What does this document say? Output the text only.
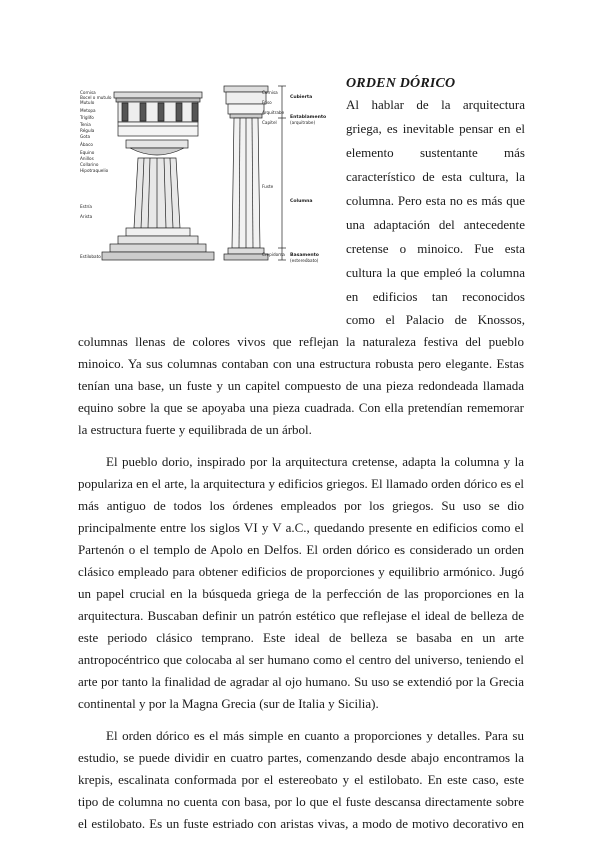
Cornisa
Bocel o mutulo
Mutulo
Metopa
Tríglifo
Tenia
Régula
Gota
Ábaco
Equino
Anillos
Collarino
Hipotraquelio
Estría
Arista
Estilobato
Cornisa
Friso
Arquitrabe
Capitel
Fuste
Crepidoma
Cubierta
Entablamento
(arquitrabe)
Columna
Basamento
(estereóbato)
ORDEN DÓRICO
Al hablar de la arquitectura
griega, es inevitable pensar en el
elemento sustentante más
característico de esta cultura, la
columna. Pero esta no es más que
una adaptación del antecedente
cretense o minoico. Fue esta
cultura la que empleó la columna
en edificios tan reconocidos
como el Palacio de Knossos,
columnas llenas de colores vivos que reflejan la naturaleza festiva del pueblo
minoico. Ya sus columnas contaban con una estructura robusta pero elegante. Estas
tenían una base, un fuste y un capitel compuesto de una pieza redondeada llamada
equino sobre la que se apoyaba una pieza cuadrada. Con ella pretendían rememorar
la estructura fuerte y equilibrada de un árbol.
El pueblo dorio, inspirado por la arquitectura cretense, adapta la columna y la
populariza en el arte, la arquitectura y edificios griegos. El llamado orden dórico es el
más antiguo de todos los órdenes empleados por los griegos. Su uso se dio
principalmente entre los siglos VI y V a.C., quedando presente en edificios como el
Partenón o el templo de Apolo en Delfos. El orden dórico es considerado un orden
clásico empleado para obtener edificios de proporciones y equilibrio armónico. Jugó
un papel crucial en la búsqueda griega de la perfección de las proporciones en la
arquitectura. Buscaban definir un patrón estético que reflejase el ideal de belleza de
este periodo clásico temprano. Este ideal de belleza se basaba en un arte
antropocéntrico que colocaba al ser humano como el centro del universo, teniendo el
arte por tanto la finalidad de agradar al ojo humano. Su uso se extendió por la Grecia
continental y por la Magna Grecia (sur de Italia y Sicilia).
El orden dórico es el más simple en cuanto a proporciones y detalles. Para su
estudio, se puede dividir en cuatro partes, comenzando desde abajo encontramos la
krepis, escalinata conformada por el estereobato y el estilobato. En este caso, este
tipo de columna no cuenta con basa, por lo que el fuste descansa directamente sobre
el estilobato. Es un fuste estriado con aristas vivas, a modo de motivo decorativo en
